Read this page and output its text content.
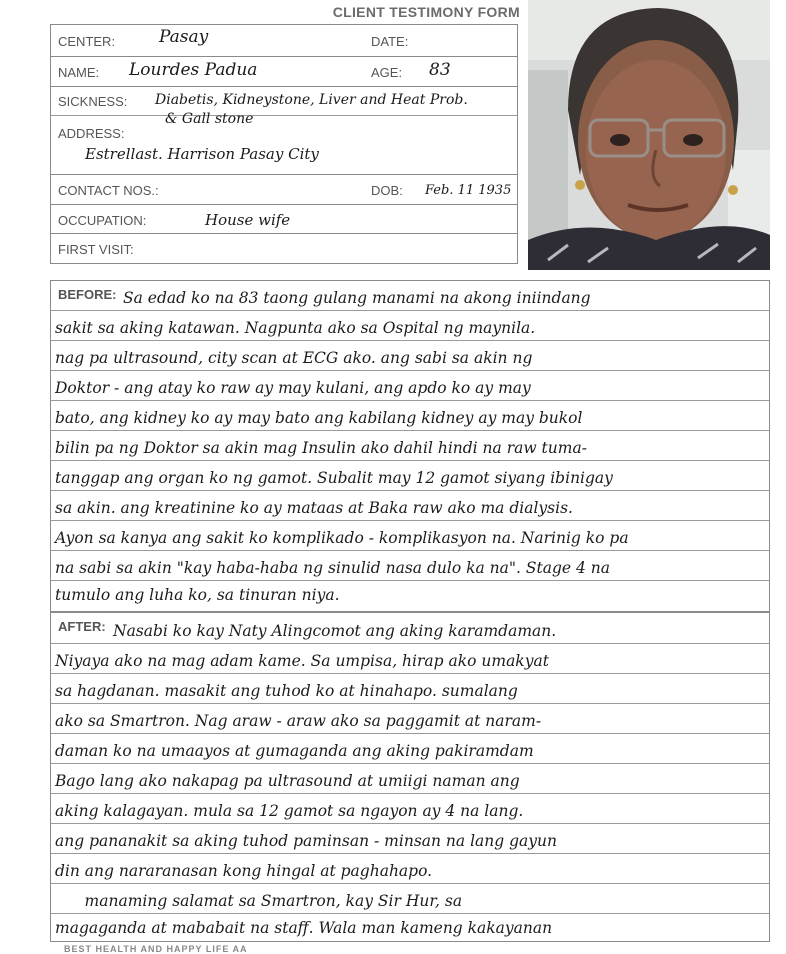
CLIENT TESTIMONY FORM
CENTER:	Pasay	DATE:
NAME: Lourdes Padua	AGE: 83
SICKNESS: Diabetis, Kidneystone, Liver and Heat Prob.
& Gall stone
ADDRESS:
Estrellast. Harrison Pasay City
CONTACT NOS.:	DOB: Feb. 11 1935
OCCUPATION:	House wife
FIRST VISIT:
BEFORE: Sa edad ko na 83 taong gulang manami na akong iniindang
sakit sa aking katawan. Nagpunta ako sa Ospital ng maynila.
nag pa ultrasound, city scan at ECG ako. ang sabi sa akin ng
Doktor - ang atay ko raw ay may kulani, ang apdo ko ay may
bato, ang kidney ko ay may bato ang kabilang kidney ay may bukol
bilin pa ng Doktor sa akin mag Insulin ako dahil hindi na raw tuma-
tanggap ang organ ko ng gamot. Subalit may 12 gamot siyang ibinigay
sa akin. ang kreatinine ko ay mataas at Baka raw ako ma dialysis.
Ayon sa kanya ang sakit ko komplikado - komplikasyon na. Narinig ko pa
na sabi sa akin "kay haba-haba ng sinulid nasa dulo ka na". Stage 4 na
tumulo ang luha ko, sa tinuran niya.
AFTER: Nasabi ko kay Naty Alingcomot ang aking karamdaman.
Niyaya ako na mag adam kame. Sa umpisa, hirap ako umakyat
sa hagdanan. masakit ang tuhod ko at hinahapo. sumalang
ako sa Smartron. Nag araw - araw ako sa paggamit at naram-
daman ko na umaayos at gumaganda ang aking pakiramdam
Bago lang ako nakapag pa ultrasound at umiigi naman ang
aking kalagayan. mula sa 12 gamot sa ngayon ay 4 na lang.
ang pananakit sa aking tuhod paminsan - minsan na lang gayun
din ang nararanasan kong hingal at paghahapo.
manaming salamat sa Smartron, kay Sir Hur, sa
magaganda at mababait na staff. Wala man kameng kakayanan
BEST HEALTH AND HAPPY LIFE AA
